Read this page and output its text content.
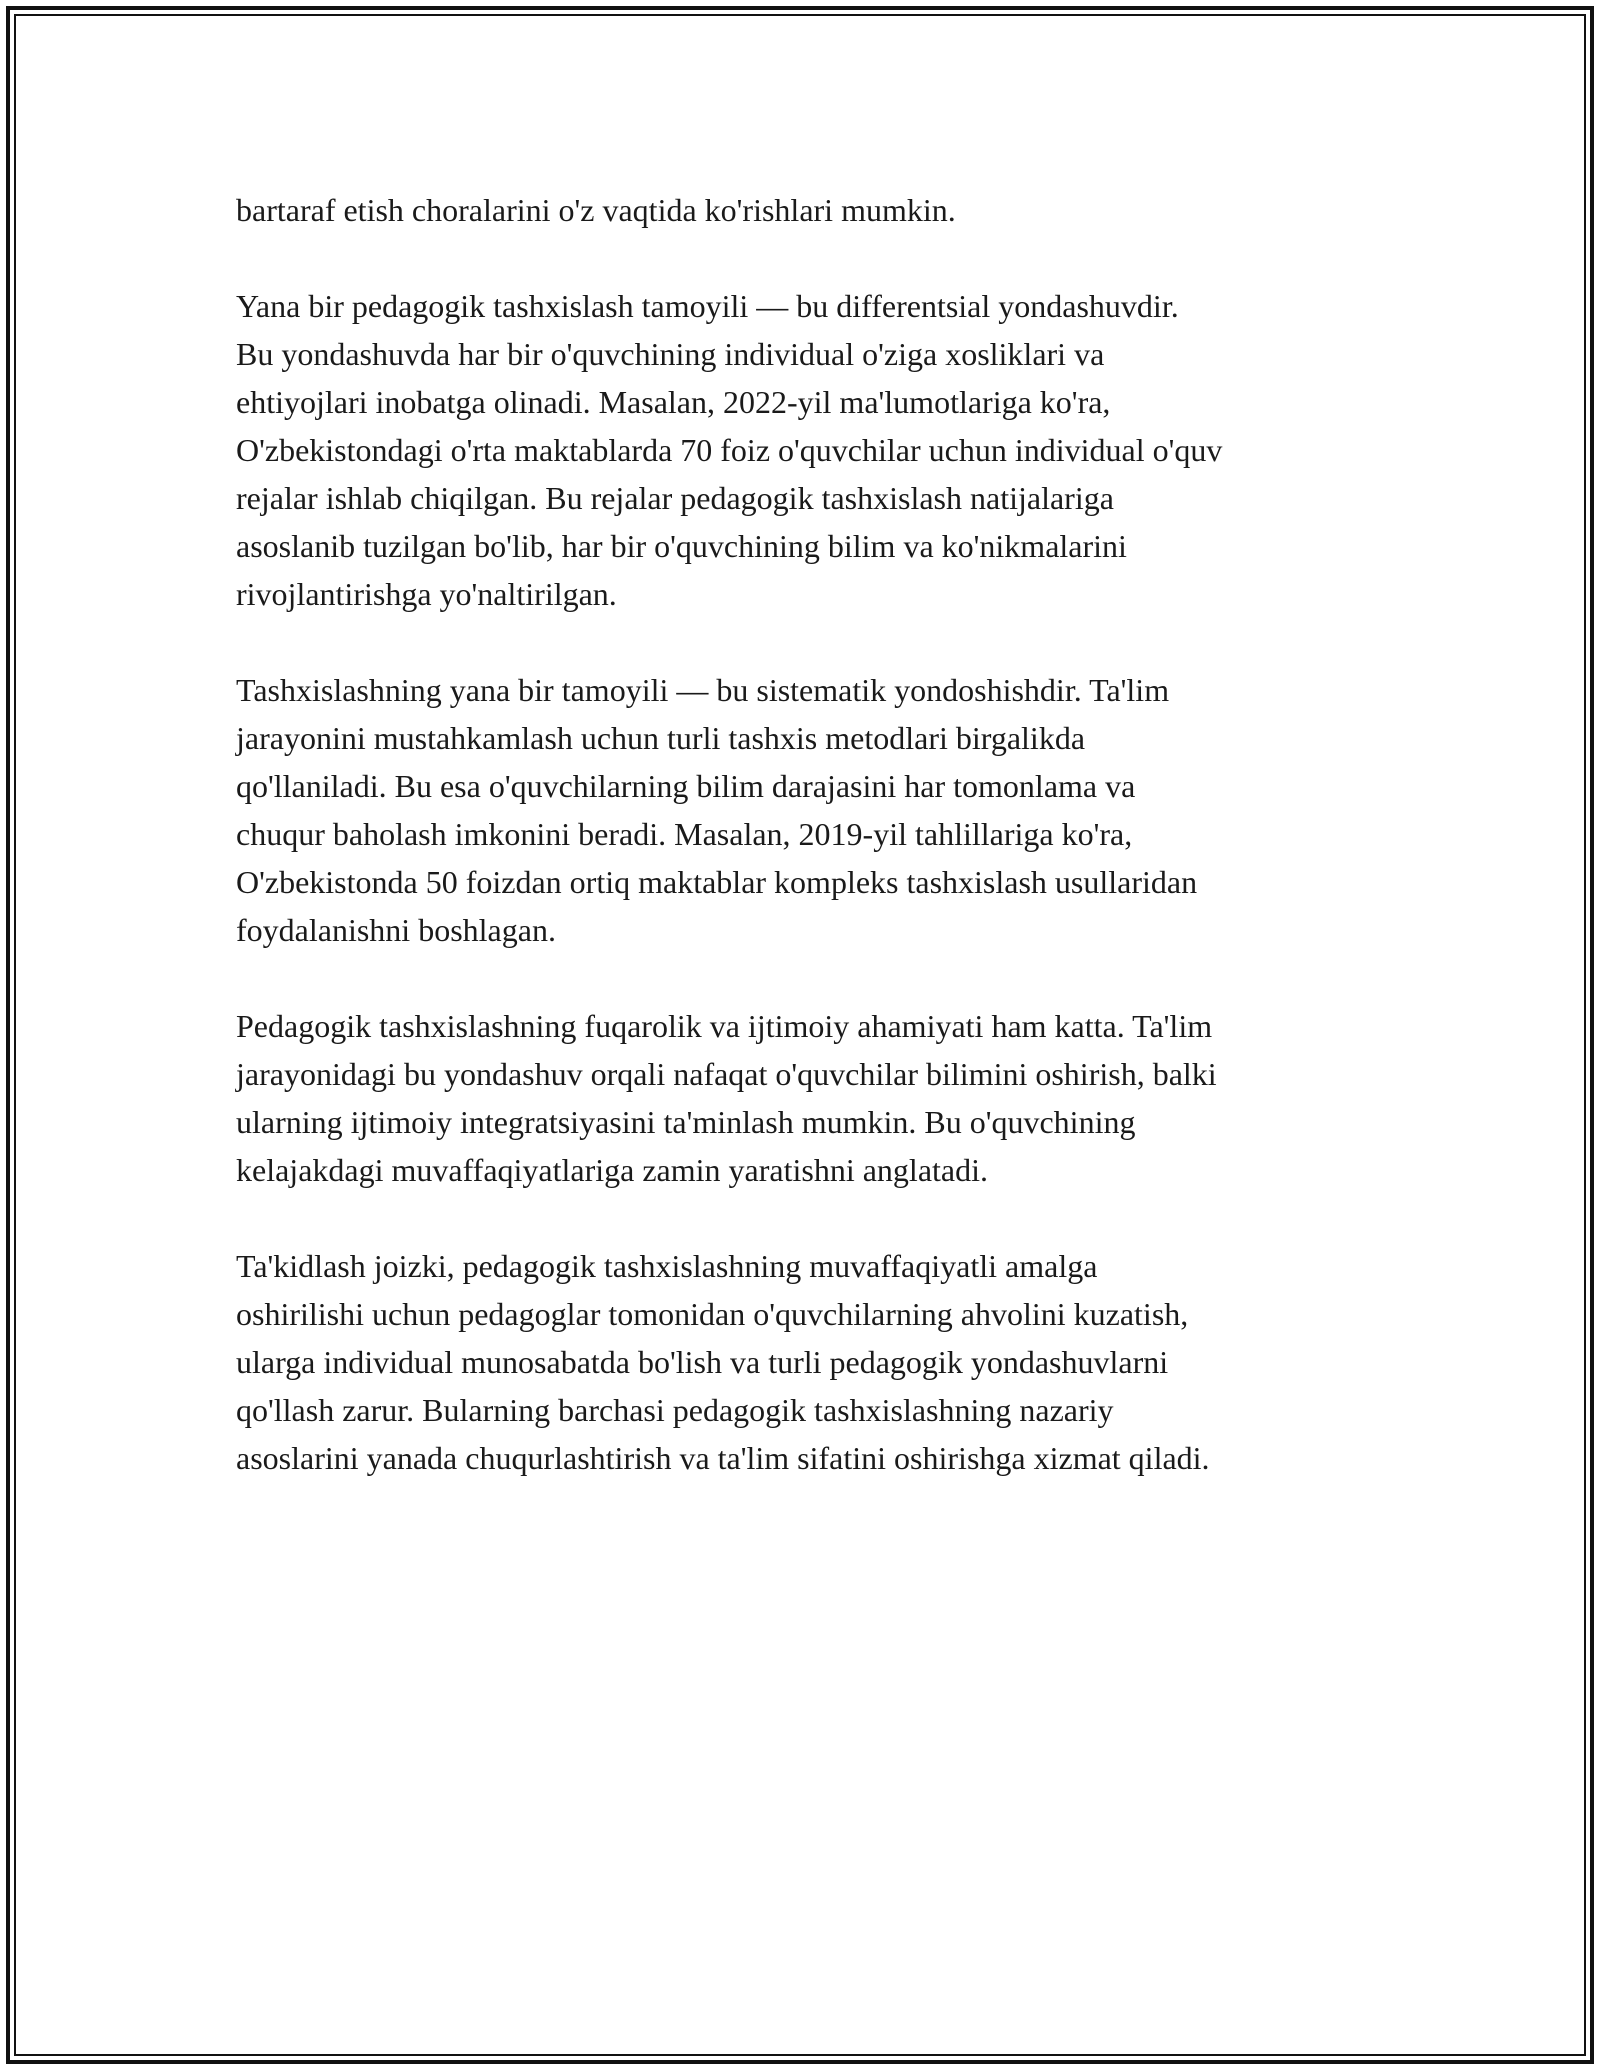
bartaraf etish choralarini o'z vaqtida ko'rishlari mumkin.

Yana bir pedagogik tashxislash tamoyili — bu differentsial yondashuvdir.
Bu yondashuvda har bir o'quvchining individual o'ziga xosliklari va
ehtiyojlari inobatga olinadi. Masalan, 2022-yil ma'lumotlariga ko'ra,
O'zbekistondagi o'rta maktablarda 70 foiz o'quvchilar uchun individual o'quv
rejalar ishlab chiqilgan. Bu rejalar pedagogik tashxislash natijalariga
asoslanib tuzilgan bo'lib, har bir o'quvchining bilim va ko'nikmalarini
rivojlantirishga yo'naltirilgan.

Tashxislashning yana bir tamoyili — bu sistematik yondoshishdir. Ta'lim
jarayonini mustahkamlash uchun turli tashxis metodlari birgalikda
qo'llaniladi. Bu esa o'quvchilarning bilim darajasini har tomonlama va
chuqur baholash imkonini beradi. Masalan, 2019-yil tahlillariga ko'ra,
O'zbekistonda 50 foizdan ortiq maktablar kompleks tashxislash usullaridan
foydalanishni boshlagan.

Pedagogik tashxislashning fuqarolik va ijtimoiy ahamiyati ham katta. Ta'lim
jarayonidagi bu yondashuv orqali nafaqat o'quvchilar bilimini oshirish, balki
ularning ijtimoiy integratsiyasini ta'minlash mumkin. Bu o'quvchining
kelajakdagi muvaffaqiyatlariga zamin yaratishni anglatadi.

Ta'kidlash joizki, pedagogik tashxislashning muvaffaqiyatli amalga
oshirilishi uchun pedagoglar tomonidan o'quvchilarning ahvolini kuzatish,
ularga individual munosabatda bo'lish va turli pedagogik yondashuvlarni
qo'llash zarur. Bularning barchasi pedagogik tashxislashning nazariy
asoslarini yanada chuqurlashtirish va ta'lim sifatini oshirishga xizmat qiladi.
